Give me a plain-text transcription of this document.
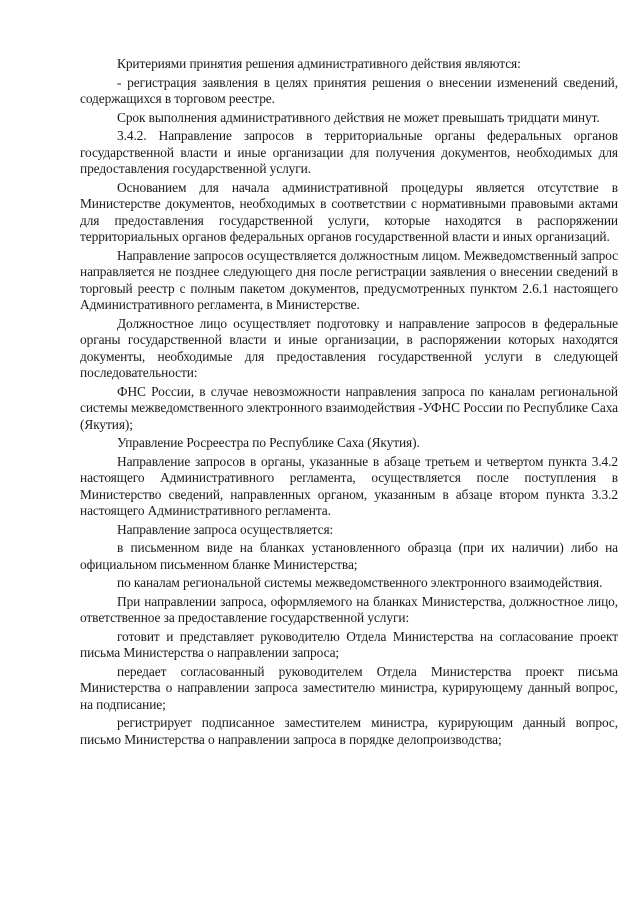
Критериями принятия решения административного действия являются:

- регистрация заявления в целях принятия решения о внесении изменений сведений, содержащихся в торговом реестре.

Срок выполнения административного действия не может превышать тридцати минут.

3.4.2. Направление запросов в территориальные органы федеральных органов государственной власти и иные организации для получения документов, необходимых для предоставления государственной услуги.

Основанием для начала административной процедуры является отсутствие в Министерстве документов, необходимых в соответствии с нормативными правовыми актами для предоставления государственной услуги, которые находятся в распоряжении территориальных органов федеральных органов государственной власти и иных организаций.

Направление запросов осуществляется должностным лицом. Межведомственный запрос направляется не позднее следующего дня после регистрации заявления о внесении сведений в торговый реестр с полным пакетом документов, предусмотренных пунктом 2.6.1 настоящего Административного регламента, в Министерстве.

Должностное лицо осуществляет подготовку и направление запросов в федеральные органы государственной власти и иные организации, в распоряжении которых находятся документы, необходимые для предоставления государственной услуги в следующей последовательности:

ФНС России, в случае невозможности направления запроса по каналам региональной системы межведомственного электронного взаимодействия -УФНС России по Республике Саха (Якутия);

Управление Росреестра по Республике Саха (Якутия).

Направление запросов в органы, указанные в абзаце третьем и четвертом пункта 3.4.2 настоящего Административного регламента, осуществляется после поступления в Министерство сведений, направленных органом, указанным в абзаце втором пункта 3.3.2 настоящего Административного регламента.

Направление запроса осуществляется:

в письменном виде на бланках установленного образца (при их наличии) либо на официальном письменном бланке Министерства;

по каналам региональной системы межведомственного электронного взаимодействия.

При направлении запроса, оформляемого на бланках Министерства, должностное лицо, ответственное за предоставление государственной услуги:

готовит и представляет руководителю Отдела Министерства на согласование проект письма Министерства о направлении запроса;

передает согласованный руководителем Отдела Министерства проект письма Министерства о направлении запроса заместителю министра, курирующему данный вопрос, на подписание;

регистрирует подписанное заместителем министра, курирующим данный вопрос, письмо Министерства о направлении запроса в порядке делопроизводства;
